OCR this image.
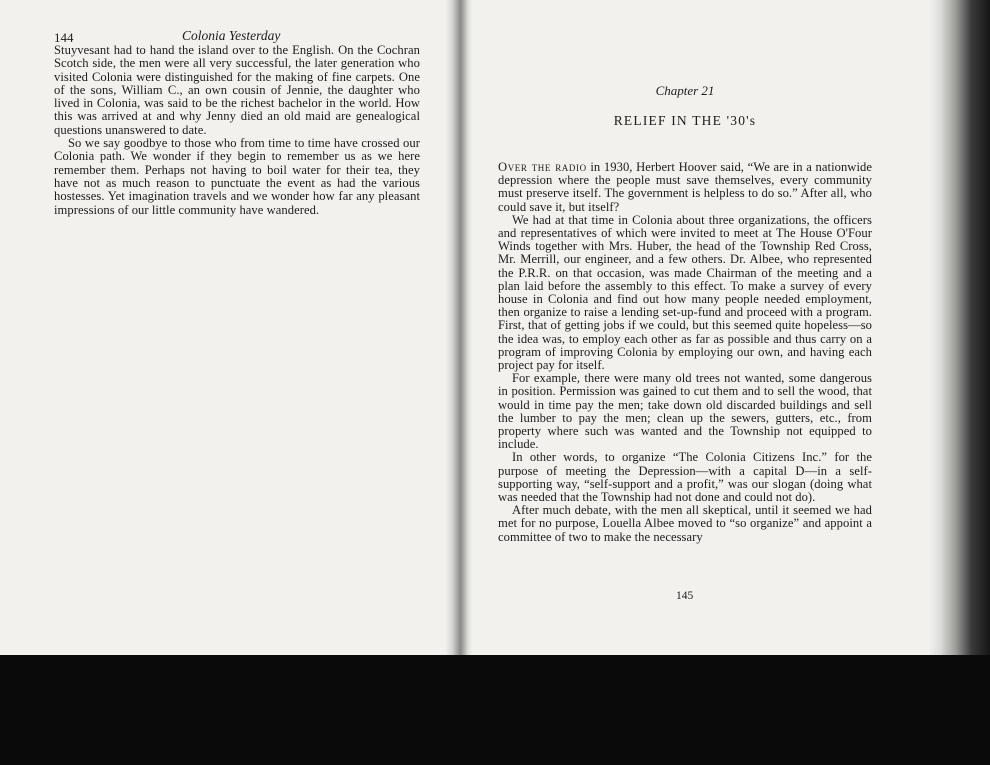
144	Colonia Yesterday

Stuyvesant had to hand the island over to the English. On the Cochran Scotch side, the men were all very successful, the later generation who visited Colonia were distinguished for the making of fine carpets. One of the sons, William C., an own cousin of Jennie, the daughter who lived in Colonia, was said to be the richest bachelor in the world. How this was arrived at and why Jenny died an old maid are genealogical questions unanswered to date.

So we say goodbye to those who from time to time have crossed our Colonia path. We wonder if they begin to remember us as we here remember them. Perhaps not having to boil water for their tea, they have not as much reason to punctuate the event as had the various hostesses. Yet imagination travels and we wonder how far any pleasant impressions of our little community have wandered.

Chapter 21

RELIEF IN THE '30's

Over the radio in 1930, Herbert Hoover said, “We are in a nationwide depression where the people must save themselves, every community must preserve itself. The government is helpless to do so.” After all, who could save it, but itself?

We had at that time in Colonia about three organizations, the officers and representatives of which were invited to meet at The House O'Four Winds together with Mrs. Huber, the head of the Township Red Cross, Mr. Merrill, our engineer, and a few others. Dr. Albee, who represented the P.R.R. on that occasion, was made Chairman of the meeting and a plan laid before the assembly to this effect. To make a survey of every house in Colonia and find out how many people needed employment, then organize to raise a lending set-up-fund and proceed with a program. First, that of getting jobs if we could, but this seemed quite hopeless—so the idea was, to employ each other as far as possible and thus carry on a program of improving Colonia by employing our own, and having each project pay for itself.

For example, there were many old trees not wanted, some dangerous in position. Permission was gained to cut them and to sell the wood, that would in time pay the men; take down old discarded buildings and sell the lumber to pay the men; clean up the sewers, gutters, etc., from property where such was wanted and the Township not equipped to include.

In other words, to organize “The Colonia Citizens Inc.” for the purpose of meeting the Depression—with a capital D—in a self-supporting way, “self-support and a profit,” was our slogan (doing what was needed that the Township had not done and could not do).

After much debate, with the men all skeptical, until it seemed we had met for no purpose, Louella Albee moved to “so organize” and appoint a committee of two to make the necessary

145
